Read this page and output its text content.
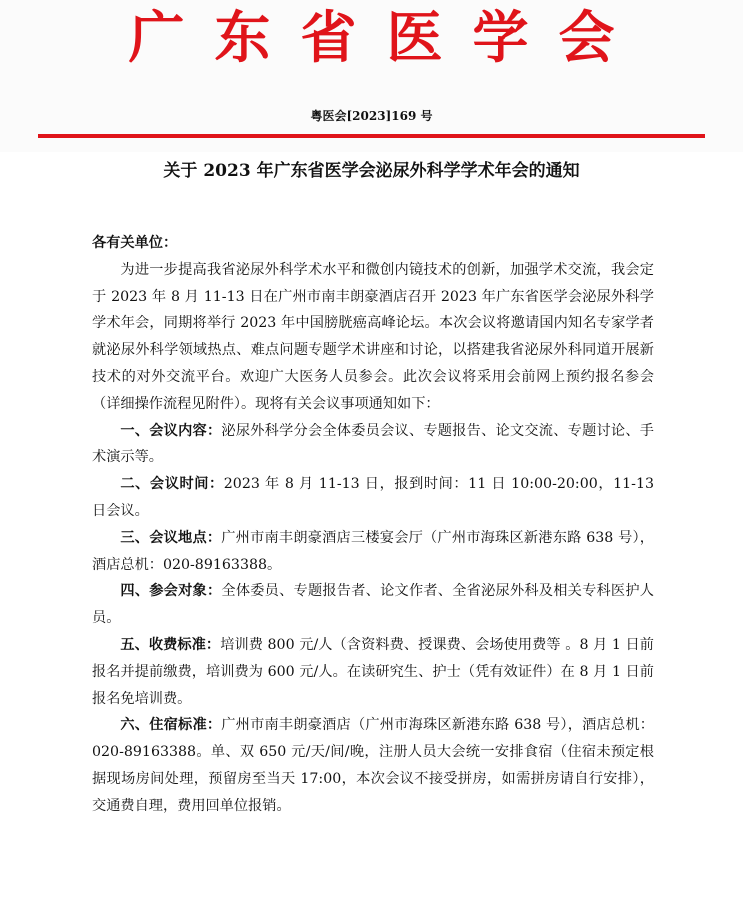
广东省医学会
粤医会[2023]169 号
关于 2023 年广东省医学会泌尿外科学学术年会的通知

各有关单位：

为进一步提高我省泌尿外科学术水平和微创内镜技术的创新，加强学术交流，我会定于 2023 年 8 月 11-13 日在广州市南丰朗豪酒店召开 2023 年广东省医学会泌尿外科学学术年会，同期将举行 2023 年中国膀胱癌高峰论坛。本次会议将邀请国内知名专家学者就泌尿外科学领域热点、难点问题专题学术讲座和讨论，以搭建我省泌尿外科同道开展新技术的对外交流平台。欢迎广大医务人员参会。此次会议将采用会前网上预约报名参会（详细操作流程见附件）。现将有关会议事项通知如下：

一、会议内容：泌尿外科学分会全体委员会议、专题报告、论文交流、专题讨论、手术演示等。

二、会议时间：2023 年 8 月 11-13 日，报到时间：11 日 10:00-20:00，11-13 日会议。

三、会议地点：广州市南丰朗豪酒店三楼宴会厅（广州市海珠区新港东路 638 号），酒店总机：020-89163388。

四、参会对象：全体委员、专题报告者、论文作者、全省泌尿外科及相关专科医护人员。

五、收费标准：培训费 800 元/人（含资料费、授课费、会场使用费等 。8 月 1 日前报名并提前缴费，培训费为 600 元/人。在读研究生、护士（凭有效证件）在 8 月 1 日前报名免培训费。

六、住宿标准：广州市南丰朗豪酒店（广州市海珠区新港东路 638 号），酒店总机：020-89163388。单、双 650 元/天/间/晚，注册人员大会统一安排食宿（住宿未预定根据现场房间处理，预留房至当天 17:00，本次会议不接受拼房，如需拼房请自行安排），交通费自理，费用回单位报销。
